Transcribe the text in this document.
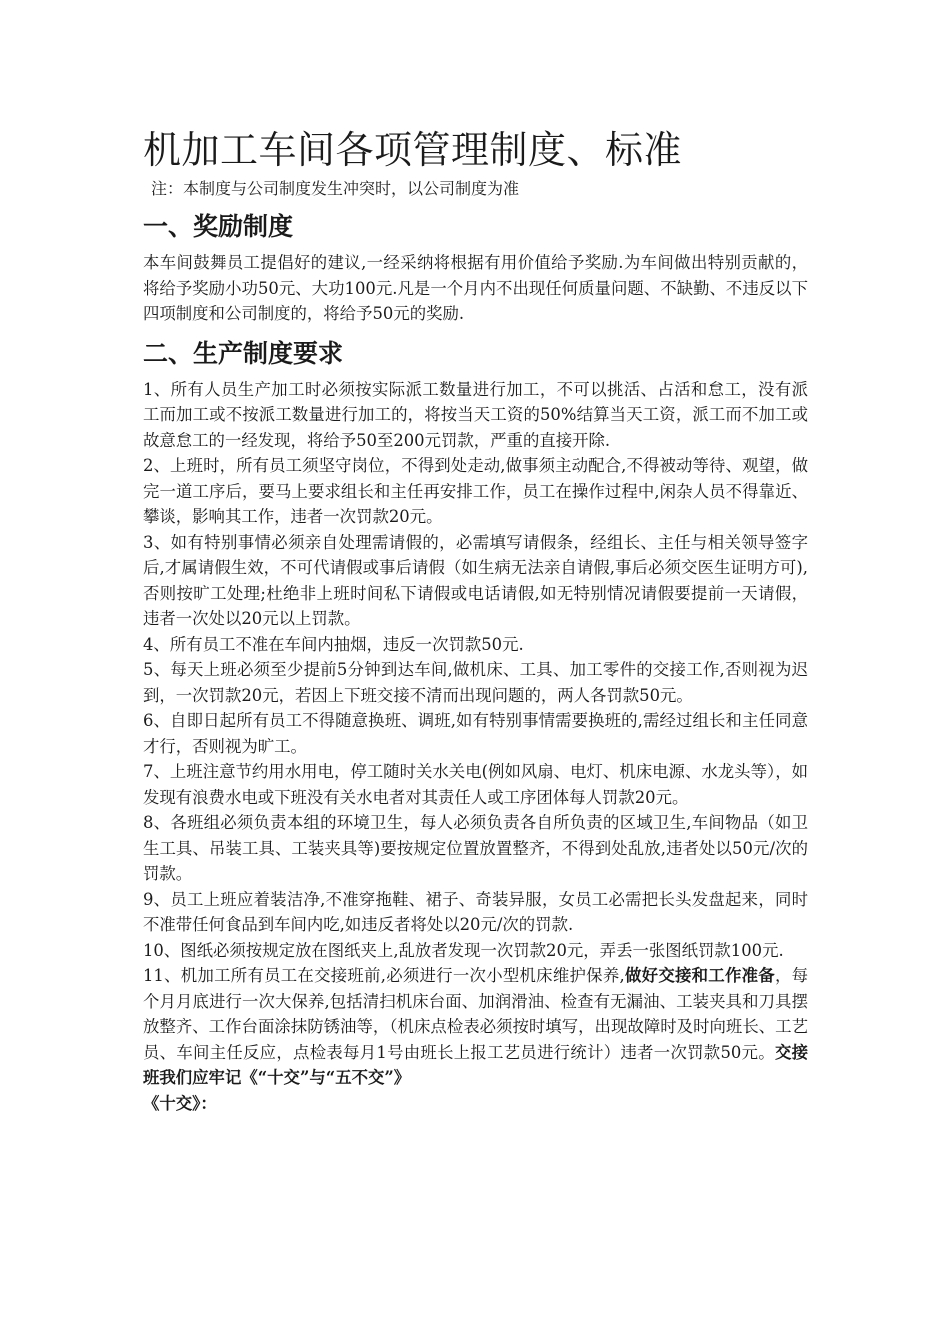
机加工车间各项管理制度、标准
注：本制度与公司制度发生冲突时，以公司制度为准
一、奖励制度

本车间鼓舞员工提倡好的建议,一经采纳将根据有用价值给予奖励.为车间做出特别贡献的，将给予奖励小功50元、大功100元.凡是一个月内不出现任何质量问题、不缺勤、不违反以下四项制度和公司制度的，将给予50元的奖励.

二、生产制度要求

1、所有人员生产加工时必须按实际派工数量进行加工，不可以挑活、占活和怠工，没有派工而加工或不按派工数量进行加工的，将按当天工资的50%结算当天工资，派工而不加工或故意怠工的一经发现，将给予50至200元罚款，严重的直接开除.

2、上班时，所有员工须坚守岗位，不得到处走动,做事须主动配合,不得被动等待、观望，做完一道工序后，要马上要求组长和主任再安排工作，员工在操作过程中,闲杂人员不得靠近、攀谈，影响其工作，违者一次罚款20元。

3、如有特别事情必须亲自处理需请假的，必需填写请假条，经组长、主任与相关领导签字后,才属请假生效，不可代请假或事后请假（如生病无法亲自请假,事后必须交医生证明方可),否则按旷工处理;杜绝非上班时间私下请假或电话请假,如无特别情况请假要提前一天请假，违者一次处以20元以上罚款。

4、所有员工不准在车间内抽烟，违反一次罚款50元.

5、每天上班必须至少提前5分钟到达车间,做机床、工具、加工零件的交接工作,否则视为迟到，一次罚款20元，若因上下班交接不清而出现问题的，两人各罚款50元。

6、自即日起所有员工不得随意换班、调班,如有特别事情需要换班的,需经过组长和主任同意才行，否则视为旷工。

7、上班注意节约用水用电，停工随时关水关电(例如风扇、电灯、机床电源、水龙头等），如发现有浪费水电或下班没有关水电者对其责任人或工序团体每人罚款20元。

8、各班组必须负责本组的环境卫生，每人必须负责各自所负责的区域卫生,车间物品（如卫生工具、吊装工具、工装夹具等)要按规定位置放置整齐，不得到处乱放,违者处以50元/次的罚款。

9、员工上班应着装洁净,不准穿拖鞋、裙子、奇装异服，女员工必需把长头发盘起来，同时不准带任何食品到车间内吃,如违反者将处以20元/次的罚款.

10、图纸必须按规定放在图纸夹上,乱放者发现一次罚款20元，弄丢一张图纸罚款100元.

11、机加工所有员工在交接班前,必须进行一次小型机床维护保养,做好交接和工作准备，每个月月底进行一次大保养,包括清扫机床台面、加润滑油、检查有无漏油、工装夹具和刀具摆放整齐、工作台面涂抹防锈油等，（机床点检表必须按时填写，出现故障时及时向班长、工艺员、车间主任反应，点检表每月1号由班长上报工艺员进行统计）违者一次罚款50元。交接班我们应牢记《“十交”与“五不交”》

《十交》：
